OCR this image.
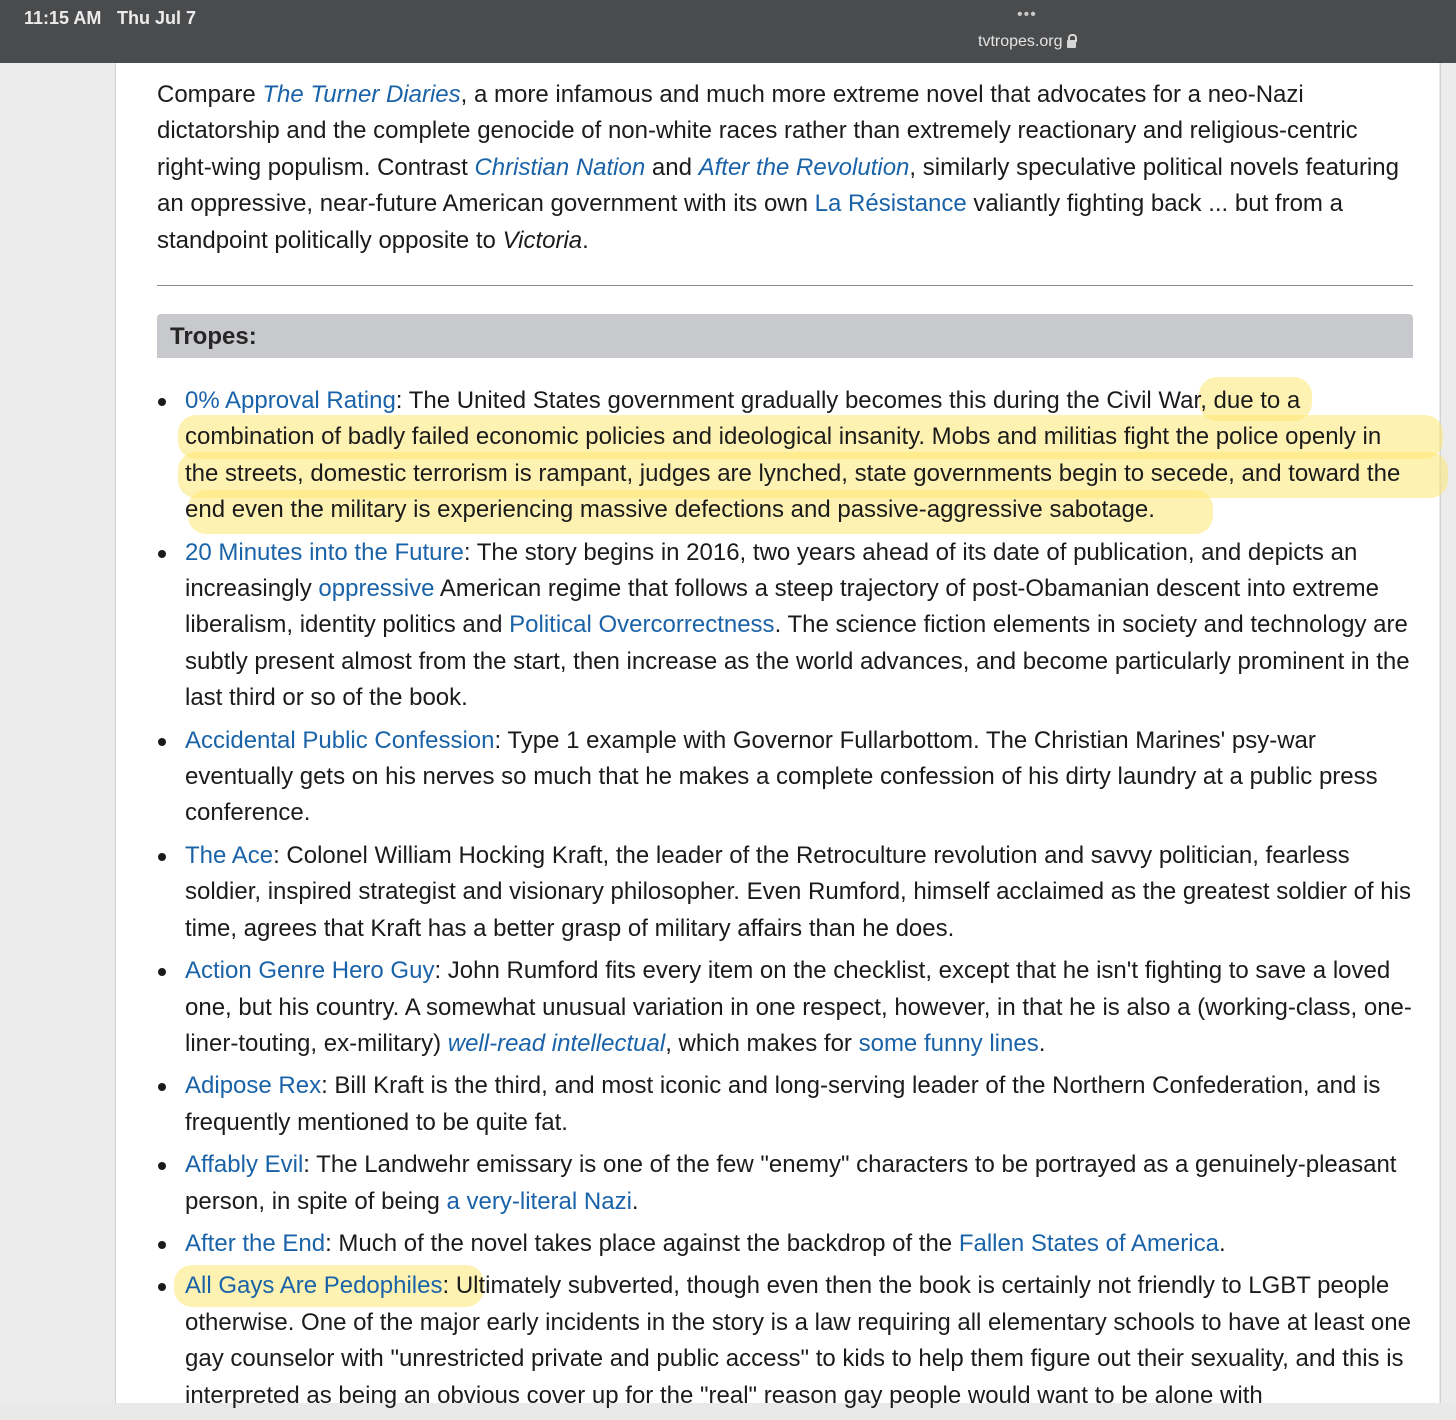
11:15 AM Thu Jul 7	•••
tvtropes.org

Compare The Turner Diaries, a more infamous and much more extreme novel that advocates for a neo-Nazi dictatorship and the complete genocide of non-white races rather than extremely reactionary and religious-centric right-wing populism. Contrast Christian Nation and After the Revolution, similarly speculative political novels featuring an oppressive, near-future American government with its own La Résistance valiantly fighting back ... but from a standpoint politically opposite to Victoria.

Tropes:
0% Approval Rating: The United States government gradually becomes this during the Civil War, due to a combination of badly failed economic policies and ideological insanity. Mobs and militias fight the police openly in the streets, domestic terrorism is rampant, judges are lynched, state governments begin to secede, and toward the end even the military is experiencing massive defections and passive-aggressive sabotage.
20 Minutes into the Future: The story begins in 2016, two years ahead of its date of publication, and depicts an increasingly oppressive American regime that follows a steep trajectory of post-Obamanian descent into extreme liberalism, identity politics and Political Overcorrectness. The science fiction elements in society and technology are subtly present almost from the start, then increase as the world advances, and become particularly prominent in the last third or so of the book.
Accidental Public Confession: Type 1 example with Governor Fullarbottom. The Christian Marines' psy-war eventually gets on his nerves so much that he makes a complete confession of his dirty laundry at a public press conference.
The Ace: Colonel William Hocking Kraft, the leader of the Retroculture revolution and savvy politician, fearless soldier, inspired strategist and visionary philosopher. Even Rumford, himself acclaimed as the greatest soldier of his time, agrees that Kraft has a better grasp of military affairs than he does.
Action Genre Hero Guy: John Rumford fits every item on the checklist, except that he isn't fighting to save a loved one, but his country. A somewhat unusual variation in one respect, however, in that he is also a (working-class, one-liner-touting, ex-military) well-read intellectual, which makes for some funny lines.
Adipose Rex: Bill Kraft is the third, and most iconic and long-serving leader of the Northern Confederation, and is frequently mentioned to be quite fat.
Affably Evil: The Landwehr emissary is one of the few "enemy" characters to be portrayed as a genuinely-pleasant person, in spite of being a very-literal Nazi.
After the End: Much of the novel takes place against the backdrop of the Fallen States of America.
All Gays Are Pedophiles: Ultimately subverted, though even then the book is certainly not friendly to LGBT people otherwise. One of the major early incidents in the story is a law requiring all elementary schools to have at least one gay counselor with "unrestricted private and public access" to kids to help them figure out their sexuality, and this is interpreted as being an obvious cover up for the "real" reason gay people would want to be alone with
